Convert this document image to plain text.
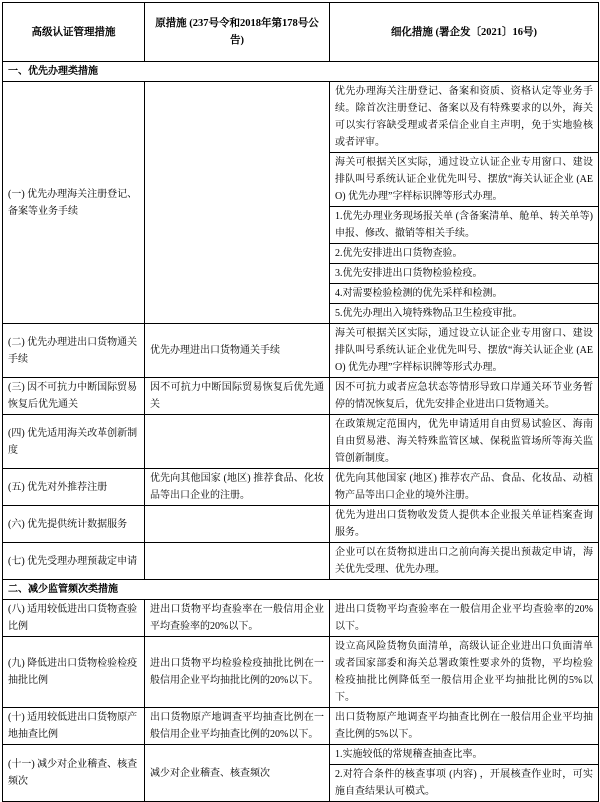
高级认证管理措施	原措施 (237号令和2018年第178号公告)	细化措施 (署企发〔2021〕16号)
一、优先办理类措施		
(一) 优先办理海关注册登记、备案等业务手续		优先办理海关注册登记、备案和资质、资格认定等业务手续。除首次注册登记、备案以及有特殊要求的以外，海关可以实行容缺受理或者采信企业自主声明，免于实地验核或者评审。
		海关可根据关区实际，通过设立认证企业专用窗口、建设排队叫号系统认证企业优先叫号、摆放“海关认证企业 (AEO) 优先办理”字样标识牌等形式办理。
		1.优先办理业务现场报关单 (含备案清单、舱单、转关单等) 申报、修改、撤销等相关手续。
		2.优先安排进出口货物查验。
		3.优先安排进出口货物检验检疫。
		4.对需要检验检测的优先采样和检测。
		5.优先办理出入境特殊物品卫生检疫审批。
(二) 优先办理进出口货物通关手续	优先办理进出口货物通关手续	海关可根据关区实际，通过设立认证企业专用窗口、建设排队叫号系统认证企业优先叫号、摆放“海关认证企业 (AEO) 优先办理”字样标识牌等形式办理。
(三) 因不可抗力中断国际贸易恢复后优先通关	因不可抗力中断国际贸易恢复后优先通关	因不可抗力或者应急状态等情形导致口岸通关环节业务暂停的情况恢复后，优先安排企业进出口货物通关。
(四) 优先适用海关改革创新制度		在政策规定范围内，优先申请适用自由贸易试验区、海南自由贸易港、海关特殊监管区域、保税监管场所等海关监管创新制度。
(五) 优先对外推荐注册	优先向其他国家 (地区) 推荐食品、化妆品等出口企业的注册。	优先向其他国家 (地区) 推荐农产品、食品、化妆品、动植物产品等出口企业的境外注册。
(六) 优先提供统计数据服务		优先为进出口货物收发货人提供本企业报关单证档案查询服务。
(七) 优先受理办理预裁定申请		企业可以在货物拟进出口之前向海关提出预裁定申请，海关优先受理、优先办理。
二、减少监管频次类措施		
(八) 适用较低进出口货物查验比例	进出口货物平均查验率在一般信用企业平均查验率的20%以下。	进出口货物平均查验率在一般信用企业平均查验率的20%以下。
(九) 降低进出口货物检验检疫抽批比例	进出口货物平均检验检疫抽批比例在一般信用企业平均抽批比例的20%以下。	设立高风险货物负面清单，高级认证企业进出口负面清单或者国家部委和海关总署政策性要求外的货物，平均检验检疫抽批比例降低至一般信用企业平均抽批比例的5%以下。
(十) 适用较低进出口货物原产地抽查比例	出口货物原产地调查平均抽查比例在一般信用企业平均抽查比例的20%以下。	出口货物原产地调查平均抽查比例在一般信用企业平均抽查比例的5%以下。
(十一) 减少对企业稽查、核查频次	减少对企业稽查、核查频次	1.实施较低的常规稽查抽查比率。
		2.对符合条件的核查事项 (内容) ，开展核查作业时，可实施自查结果认可模式。
